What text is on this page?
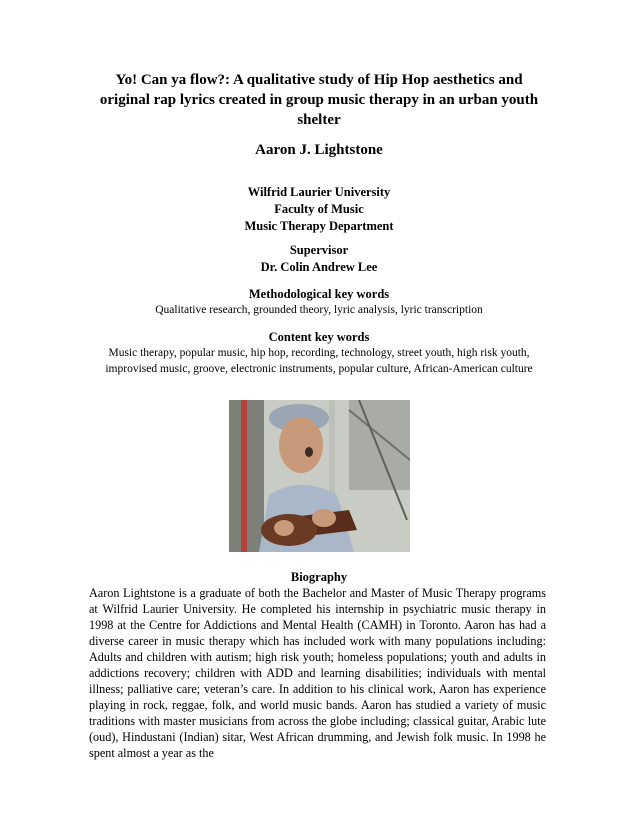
Yo! Can ya flow?: A qualitative study of Hip Hop aesthetics and original rap lyrics created in group music therapy in an urban youth shelter
Aaron J. Lightstone
Wilfrid Laurier University
Faculty of Music
Music Therapy Department
Supervisor
Dr. Colin Andrew Lee
Methodological key words
Qualitative research, grounded theory, lyric analysis, lyric transcription
Content key words
Music therapy, popular music, hip hop, recording, technology, street youth, high risk youth,
improvised music, groove, electronic instruments, popular culture, African-American culture
Biography
Aaron Lightstone is a graduate of both the Bachelor and Master of Music Therapy programs at Wilfrid Laurier University. He completed his internship in psychiatric music therapy in 1998 at the Centre for Addictions and Mental Health (CAMH) in Toronto. Aaron has had a diverse career in music therapy which has included work with many populations including: Adults and children with autism; high risk youth; homeless populations; youth and adults in addictions recovery; children with ADD and learning disabilities; individuals with mental illness; palliative care; veteran’s care. In addition to his clinical work, Aaron has experience playing in rock, reggae, folk, and world music bands. Aaron has studied a variety of music traditions with master musicians from across the globe including; classical guitar, Arabic lute (oud), Hindustani (Indian) sitar, West African drumming, and Jewish folk music. In 1998 he spent almost a year as the
